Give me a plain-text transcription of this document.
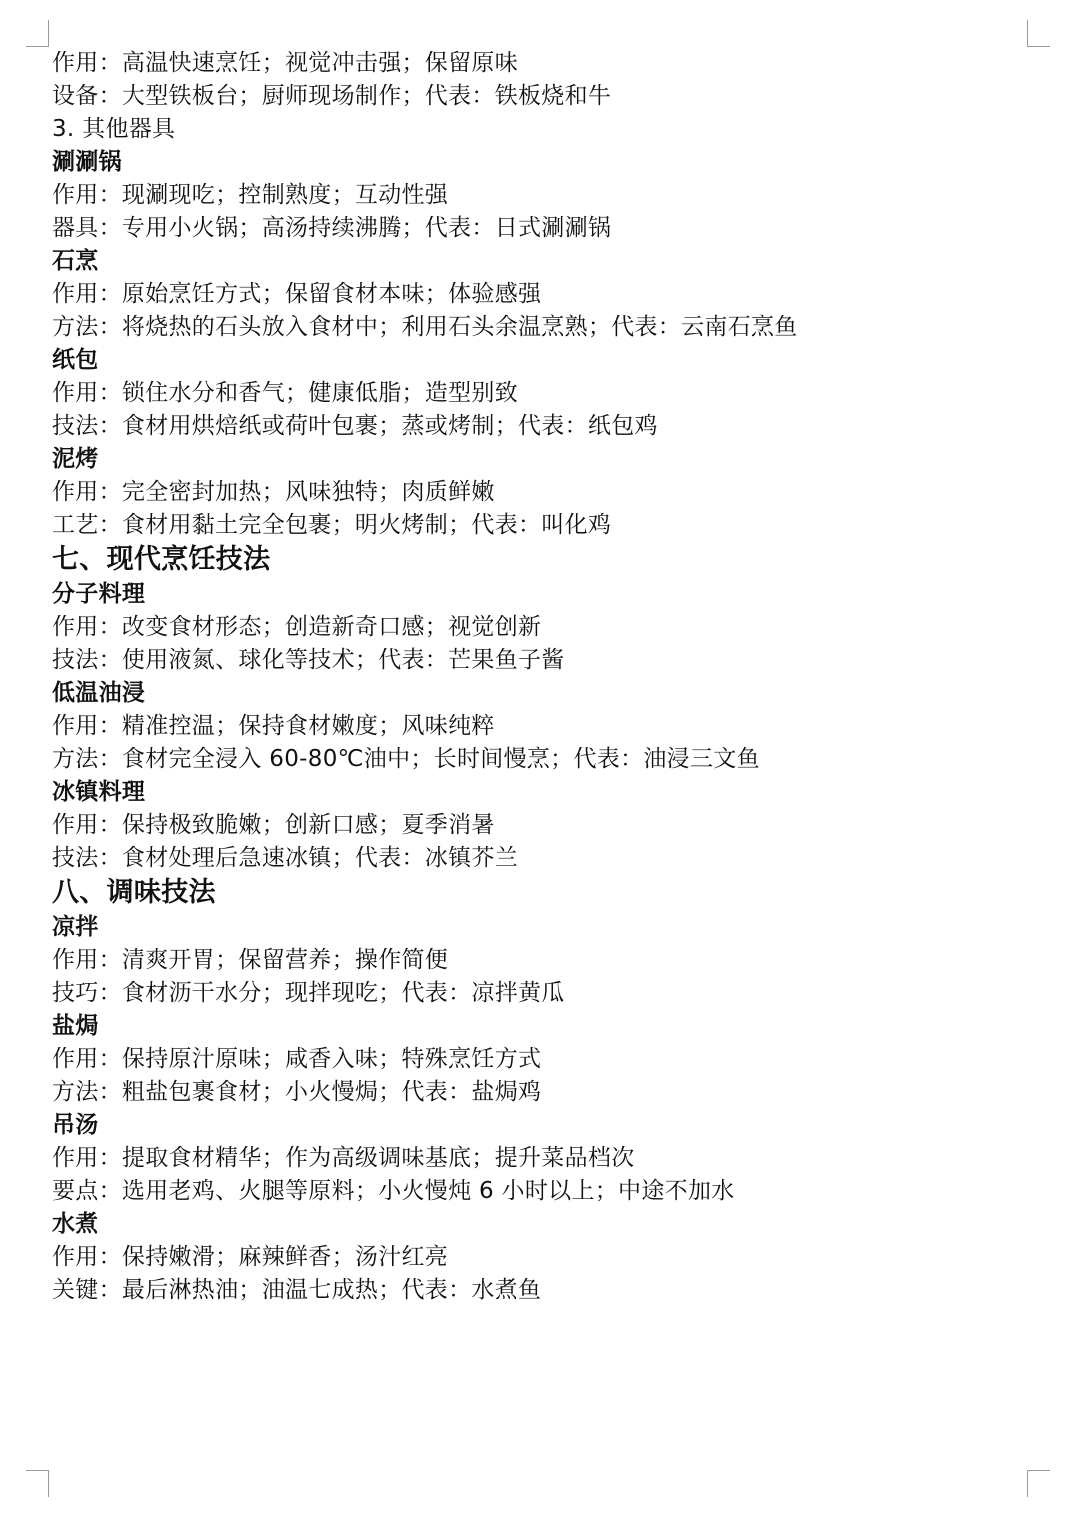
作用：高温快速烹饪；视觉冲击强；保留原味
设备：大型铁板台；厨师现场制作；代表：铁板烧和牛
3. 其他器具
涮涮锅
作用：现涮现吃；控制熟度；互动性强
器具：专用小火锅；高汤持续沸腾；代表：日式涮涮锅
石烹
作用：原始烹饪方式；保留食材本味；体验感强
方法：将烧热的石头放入食材中；利用石头余温烹熟；代表：云南石烹鱼
纸包
作用：锁住水分和香气；健康低脂；造型别致
技法：食材用烘焙纸或荷叶包裹；蒸或烤制；代表：纸包鸡
泥烤
作用：完全密封加热；风味独特；肉质鲜嫩
工艺：食材用黏土完全包裹；明火烤制；代表：叫化鸡
七、现代烹饪技法
分子料理
作用：改变食材形态；创造新奇口感；视觉创新
技法：使用液氮、球化等技术；代表：芒果鱼子酱
低温油浸
作用：精准控温；保持食材嫩度；风味纯粹
方法：食材完全浸入 60-80℃油中；长时间慢烹；代表：油浸三文鱼
冰镇料理
作用：保持极致脆嫩；创新口感；夏季消暑
技法：食材处理后急速冰镇；代表：冰镇芥兰
八、调味技法
凉拌
作用：清爽开胃；保留营养；操作简便
技巧：食材沥干水分；现拌现吃；代表：凉拌黄瓜
盐焗
作用：保持原汁原味；咸香入味；特殊烹饪方式
方法：粗盐包裹食材；小火慢焗；代表：盐焗鸡
吊汤
作用：提取食材精华；作为高级调味基底；提升菜品档次
要点：选用老鸡、火腿等原料；小火慢炖 6 小时以上；中途不加水
水煮
作用：保持嫩滑；麻辣鲜香；汤汁红亮
关键：最后淋热油；油温七成热；代表：水煮鱼
